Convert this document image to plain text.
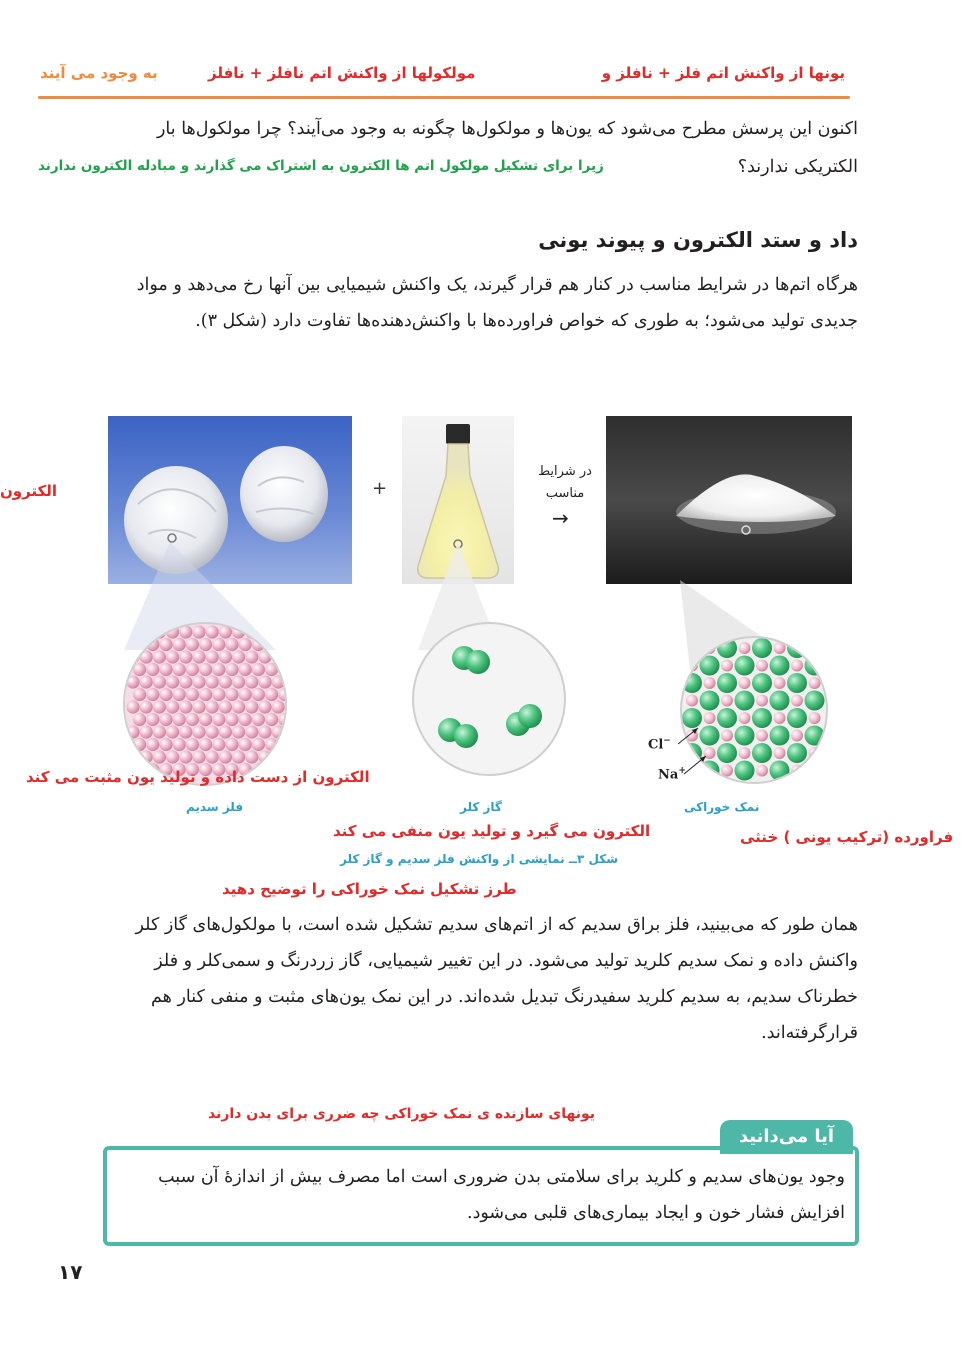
یونها از واکنش اتم فلز + نافلز و
مولکولها از واکنش اتم نافلز + نافلز
به وجود می آیند
اکنون این پرسش مطرح می‌شود که یون‌ها و مولکول‌ها چگونه به وجود می‌آیند؟ چرا مولکول‌ها بار
الکتریکی ندارند؟
زیرا برای تشکیل مولکول اتم ها الکترون به اشتراک می گذارند و مبادله الکترون ندارند
داد و ستد الکترون و پیوند یونی
هرگاه اتم‌ها در شرایط مناسب در کنار هم قرار گیرند، یک واکنش شیمیایی بین آنها رخ می‌دهد و مواد
جدیدی تولید می‌شود؛ به طوری که خواص فراورده‌ها با واکنش‌دهنده‌ها تفاوت دارد (شکل ۳).
الکترون	+
در شرایط
مناسب
→
Cl−
Na+
الکترون از دست داده و تولید یون مثبت می کند
فلز سدیم	گاز کلر	نمک خوراکی
الکترون می گیرد و تولید یون منفی می کند	فراورده (ترکیب یونی ) خنثی
شکل ۳ــ نمایشی از واکنش فلز سدیم و گاز کلر
طرز تشکیل نمک خوراکی را توضیح دهید
همان طور که می‌بینید، فلز براق سدیم که از اتم‌های سدیم تشکیل شده است، با مولکول‌های گاز کلر
واکنش داده و نمک سدیم کلرید تولید می‌شود. در این تغییر شیمیایی، گاز زردرنگ و سمی‌کلر و فلز
خطرناک سدیم، به سدیم کلرید سفیدرنگ تبدیل شده‌اند. در این نمک یون‌های مثبت و منفی کنار هم
قرارگرفته‌اند.
یونهای سازنده ی نمک خوراکی چه ضرری برای بدن دارند
آیا می‌دانید
وجود یون‌های سدیم و کلرید برای سلامتی بدن ضروری است اما مصرف بیش از اندازۀ آن سبب
افزایش فشار خون و ایجاد بیماری‌های قلبی می‌شود.
۱۷
